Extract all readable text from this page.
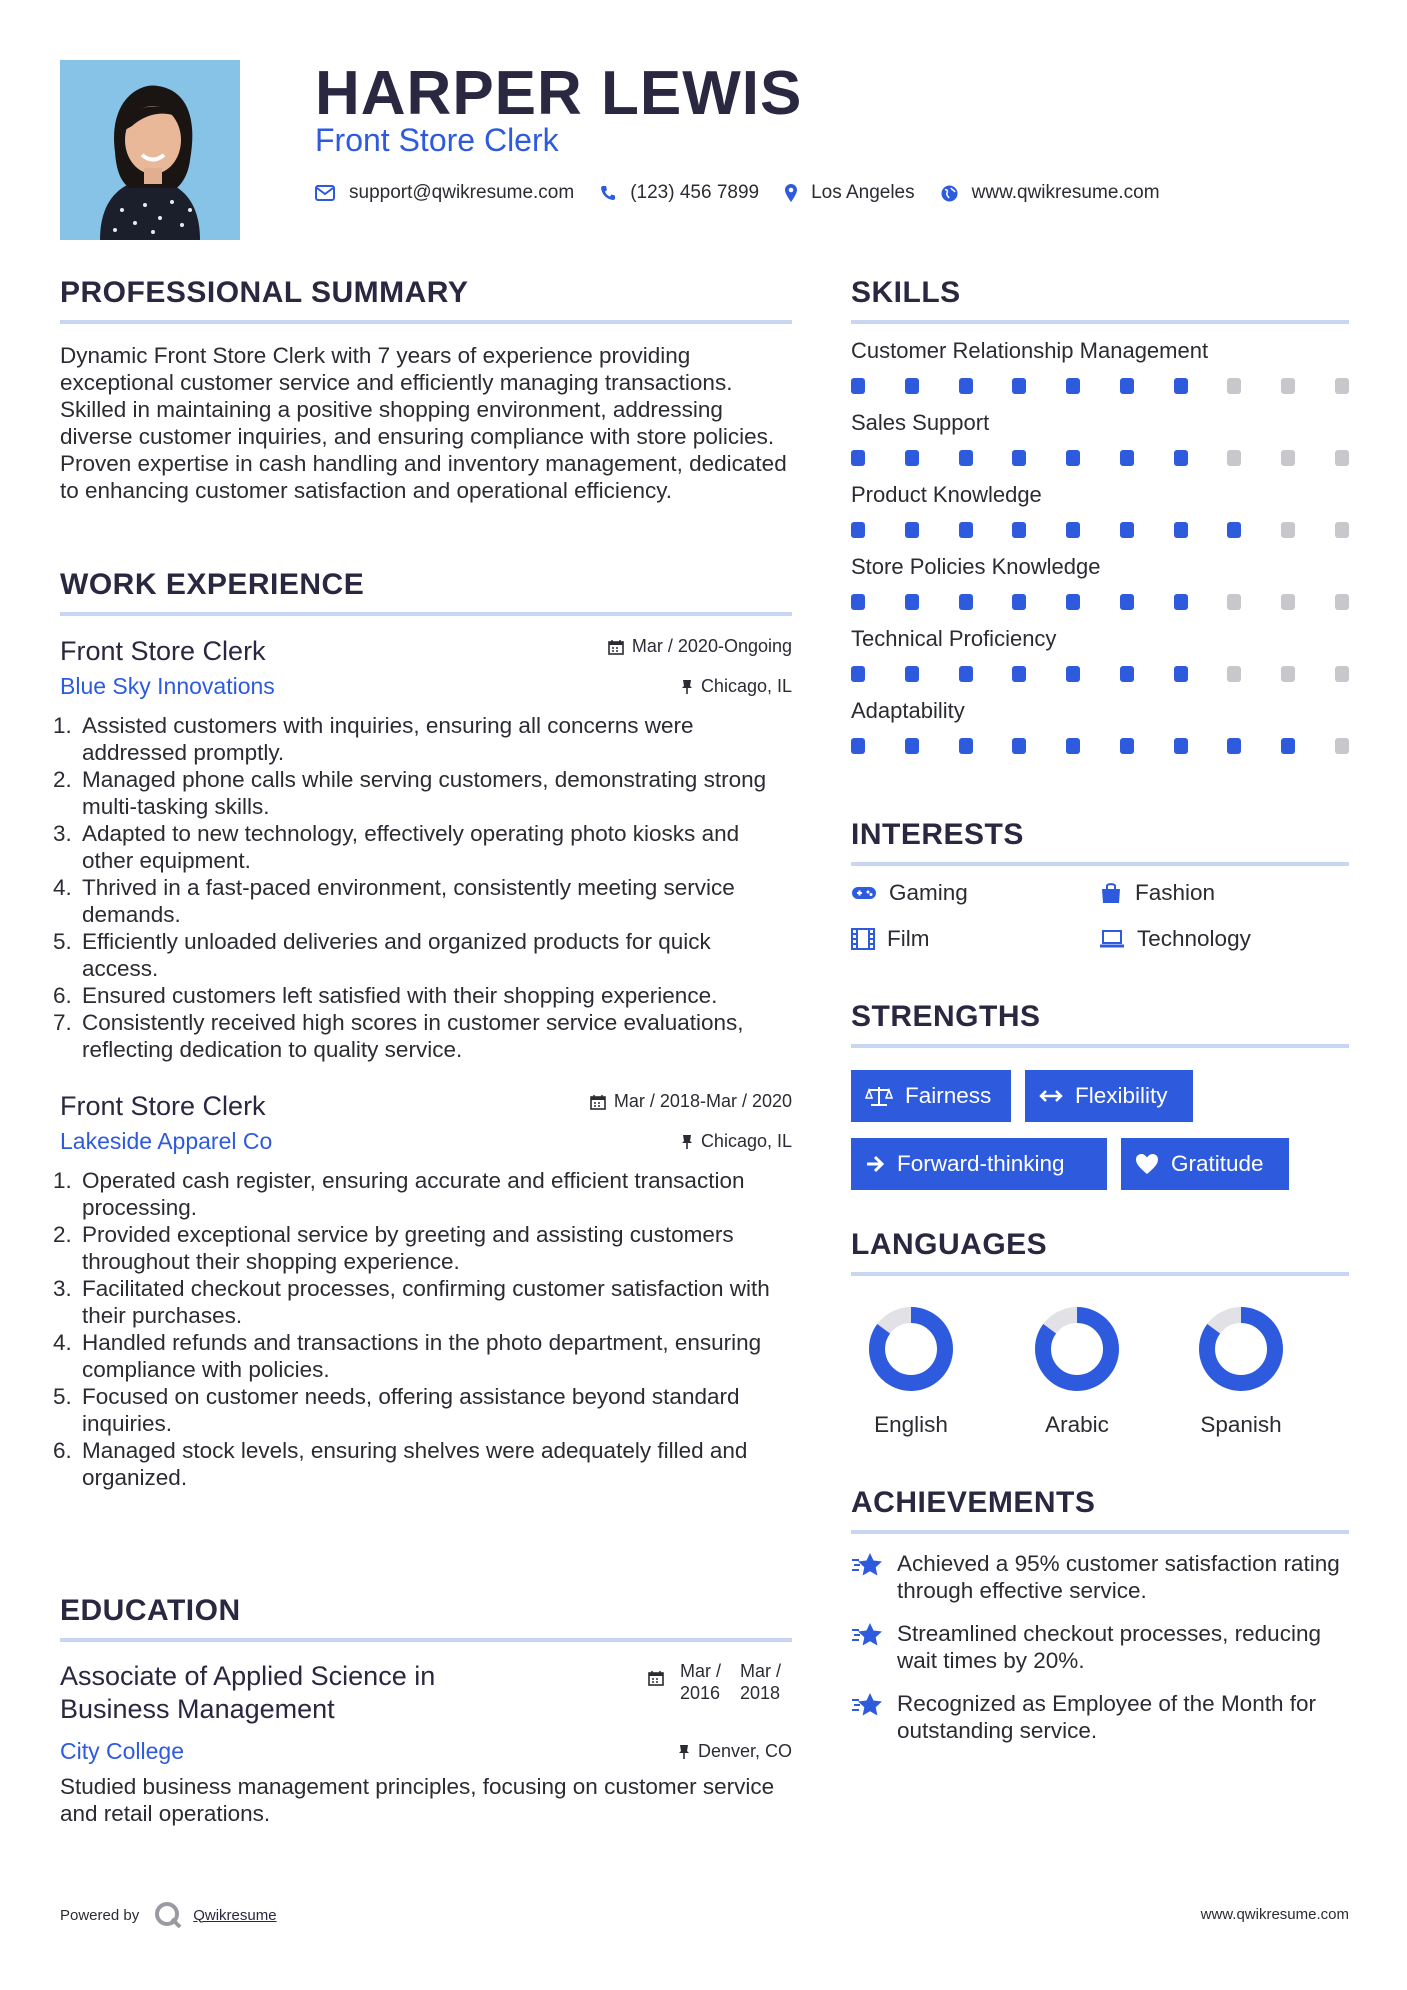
HARPER LEWIS
Front Store Clerk
support@qwikresume.com	(123) 456 7899	Los Angeles	www.qwikresume.com
PROFESSIONAL SUMMARY
Dynamic Front Store Clerk with 7 years of experience providing exceptional customer service and efficiently managing transactions. Skilled in maintaining a positive shopping environment, addressing diverse customer inquiries, and ensuring compliance with store policies. Proven expertise in cash handling and inventory management, dedicated to enhancing customer satisfaction and operational efficiency.
WORK EXPERIENCE
Front Store Clerk	Mar / 2020-Ongoing
Blue Sky Innovations	Chicago, IL
1. Assisted customers with inquiries, ensuring all concerns were addressed promptly.
2. Managed phone calls while serving customers, demonstrating strong multi-tasking skills.
3. Adapted to new technology, effectively operating photo kiosks and other equipment.
4. Thrived in a fast-paced environment, consistently meeting service demands.
5. Efficiently unloaded deliveries and organized products for quick access.
6. Ensured customers left satisfied with their shopping experience.
7. Consistently received high scores in customer service evaluations, reflecting dedication to quality service.
Front Store Clerk	Mar / 2018-Mar / 2020
Lakeside Apparel Co	Chicago, IL
1. Operated cash register, ensuring accurate and efficient transaction processing.
2. Provided exceptional service by greeting and assisting customers throughout their shopping experience.
3. Facilitated checkout processes, confirming customer satisfaction with their purchases.
4. Handled refunds and transactions in the photo department, ensuring compliance with policies.
5. Focused on customer needs, offering assistance beyond standard inquiries.
6. Managed stock levels, ensuring shelves were adequately filled and organized.
EDUCATION
Associate of Applied Science in Business Management
Mar / 2016
Mar / 2018
City College	Denver, CO
Studied business management principles, focusing on customer service and retail operations.
SKILLS
Customer Relationship Management
Sales Support
Product Knowledge
Store Policies Knowledge
Technical Proficiency
Adaptability
INTERESTS
Gaming	Fashion
Film	Technology
STRENGTHS
Fairness	Flexibility
Forward-thinking	Gratitude
LANGUAGES
English	Arabic	Spanish
ACHIEVEMENTS
Achieved a 95% customer satisfaction rating through effective service.
Streamlined checkout processes, reducing wait times by 20%.
Recognized as Employee of the Month for outstanding service.
Powered by	Qwikresume	www.qwikresume.com
